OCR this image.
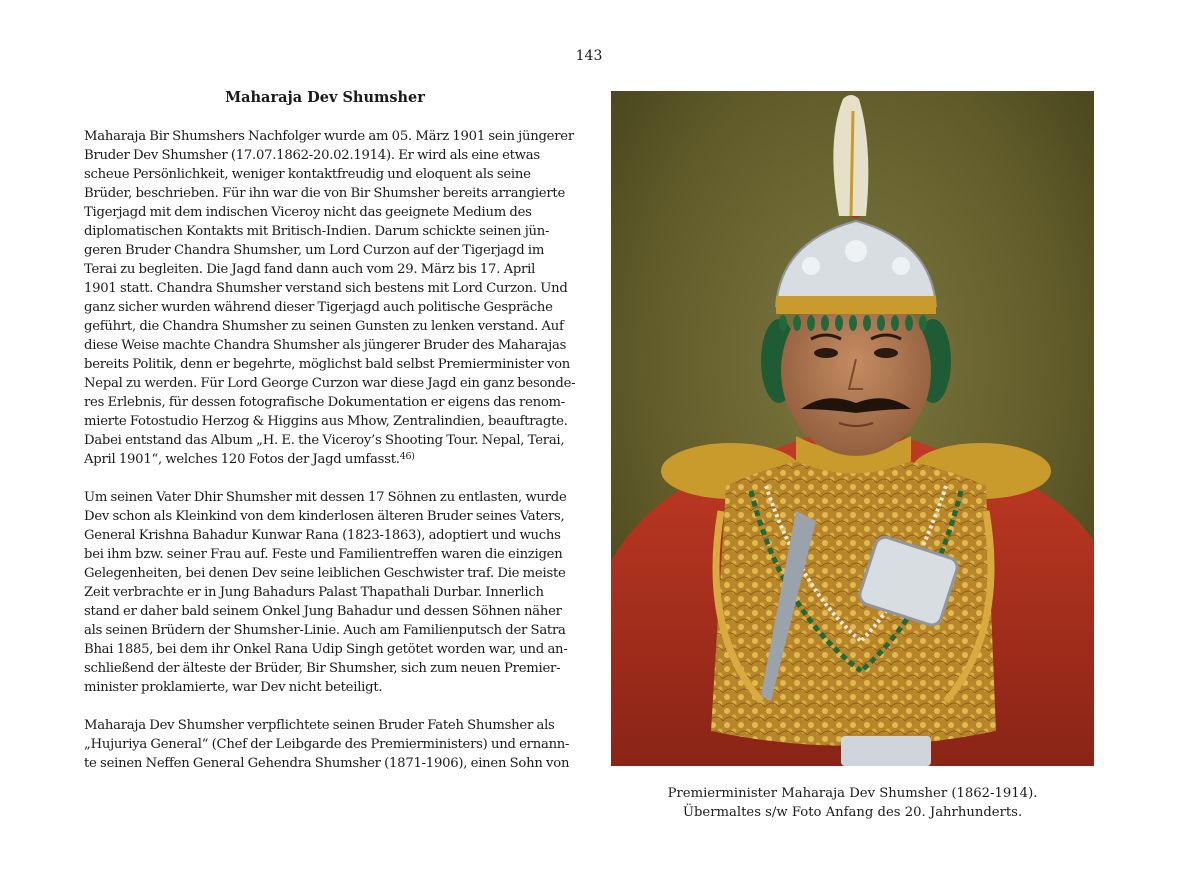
143
Maharaja Dev Shumsher

Maharaja Bir Shumshers Nachfolger wurde am 05. März 1901 sein jüngerer
Bruder Dev Shumsher (17.07.1862-20.02.1914). Er wird als eine etwas
scheue Persönlichkeit, weniger kontaktfreudig und eloquent als seine
Brüder, beschrieben. Für ihn war die von Bir Shumsher bereits arrangierte
Tigerjagd mit dem indischen Viceroy nicht das geeignete Medium des
diplomatischen Kontakts mit Britisch-Indien. Darum schickte seinen jün-
geren Bruder Chandra Shumsher, um Lord Curzon auf der Tigerjagd im
Terai zu begleiten. Die Jagd fand dann auch vom 29. März bis 17. April
1901 statt. Chandra Shumsher verstand sich bestens mit Lord Curzon. Und
ganz sicher wurden während dieser Tigerjagd auch politische Gespräche
geführt, die Chandra Shumsher zu seinen Gunsten zu lenken verstand. Auf
diese Weise machte Chandra Shumsher als jüngerer Bruder des Maharajas
bereits Politik, denn er begehrte, möglichst bald selbst Premierminister von
Nepal zu werden. Für Lord George Curzon war diese Jagd ein ganz besonde-
res Erlebnis, für dessen fotografische Dokumentation er eigens das renom-
mierte Fotostudio Herzog & Higgins aus Mhow, Zentralindien, beauftragte.
Dabei entstand das Album „H. E. the Viceroy’s Shooting Tour. Nepal, Terai,
April 1901“, welches 120 Fotos der Jagd umfasst.$^{46)}$

Um seinen Vater Dhir Shumsher mit dessen 17 Söhnen zu entlasten, wurde
Dev schon als Kleinkind von dem kinderlosen älteren Bruder seines Vaters,
General Krishna Bahadur Kunwar Rana (1823-1863), adoptiert und wuchs
bei ihm bzw. seiner Frau auf. Feste und Familientreffen waren die einzigen
Gelegenheiten, bei denen Dev seine leiblichen Geschwister traf. Die meiste
Zeit verbrachte er in Jung Bahadurs Palast Thapathali Durbar. Innerlich
stand er daher bald seinem Onkel Jung Bahadur und dessen Söhnen näher
als seinen Brüdern der Shumsher-Linie. Auch am Familienputsch der Satra
Bhai 1885, bei dem ihr Onkel Rana Udip Singh getötet worden war, und an-
schließend der älteste der Brüder, Bir Shumsher, sich zum neuen Premier-
minister proklamierte, war Dev nicht beteiligt.

Maharaja Dev Shumsher verpflichtete seinen Bruder Fateh Shumsher als
„Hujuriya General“ (Chef der Leibgarde des Premierministers) und ernann-
te seinen Neffen General Gehendra Shumsher (1871-1906), einen Sohn von

Premierminister Maharaja Dev Shumsher (1862-1914).
Übermaltes s/w Foto Anfang des 20. Jahrhunderts.
